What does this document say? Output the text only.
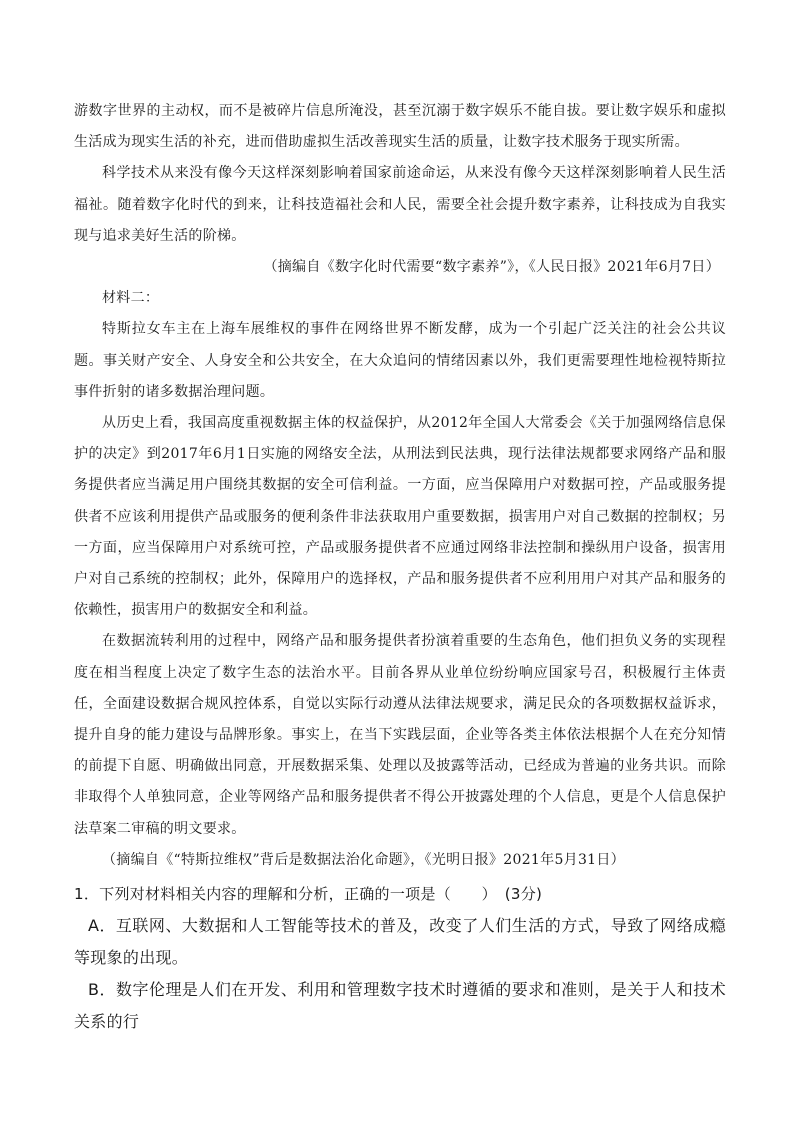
游数字世界的主动权，而不是被碎片信息所淹没，甚至沉溺于数字娱乐不能自拔。要让数字娱乐和虚拟生活成为现实生活的补充，进而借助虚拟生活改善现实生活的质量，让数字技术服务于现实所需。

科学技术从来没有像今天这样深刻影响着国家前途命运，从来没有像今天这样深刻影响着人民生活福祉。随着数字化时代的到来，让科技造福社会和人民，需要全社会提升数字素养，让科技成为自我实现与追求美好生活的阶梯。

（摘编自《数字化时代需要“数字素养”》，《人民日报》2021年6月7日）

材料二：

特斯拉女车主在上海车展维权的事件在网络世界不断发酵，成为一个引起广泛关注的社会公共议题。事关财产安全、人身安全和公共安全，在大众追问的情绪因素以外，我们更需要理性地检视特斯拉事件折射的诸多数据治理问题。

从历史上看，我国高度重视数据主体的权益保护，从2012年全国人大常委会《关于加强网络信息保护的决定》到2017年6月1日实施的网络安全法，从刑法到民法典，现行法律法规都要求网络产品和服务提供者应当满足用户围绕其数据的安全可信利益。一方面，应当保障用户对数据可控，产品或服务提供者不应该利用提供产品或服务的便利条件非法获取用户重要数据，损害用户对自己数据的控制权；另一方面，应当保障用户对系统可控，产品或服务提供者不应通过网络非法控制和操纵用户设备，损害用户对自己系统的控制权；此外，保障用户的选择权，产品和服务提供者不应利用用户对其产品和服务的依赖性，损害用户的数据安全和利益。

在数据流转利用的过程中，网络产品和服务提供者扮演着重要的生态角色，他们担负义务的实现程度在相当程度上决定了数字生态的法治水平。目前各界从业单位纷纷响应国家号召，积极履行主体责任，全面建设数据合规风控体系，自觉以实际行动遵从法律法规要求，满足民众的各项数据权益诉求，提升自身的能力建设与品牌形象。事实上，在当下实践层面，企业等各类主体依法根据个人在充分知情的前提下自愿、明确做出同意，开展数据采集、处理以及披露等活动，已经成为普遍的业务共识。而除非取得个人单独同意，企业等网络产品和服务提供者不得公开披露处理的个人信息，更是个人信息保护法草案二审稿的明文要求。

（摘编自《“特斯拉维权”背后是数据法治化命题》，《光明日报》2021年5月31日）

1．下列对材料相关内容的理解和分析，正确的一项是（　　）　(3分)

A．互联网、大数据和人工智能等技术的普及，改变了人们生活的方式，导致了网络成瘾等现象的出现。

B．数字伦理是人们在开发、利用和管理数字技术时遵循的要求和准则，是关于人和技术关系的行
